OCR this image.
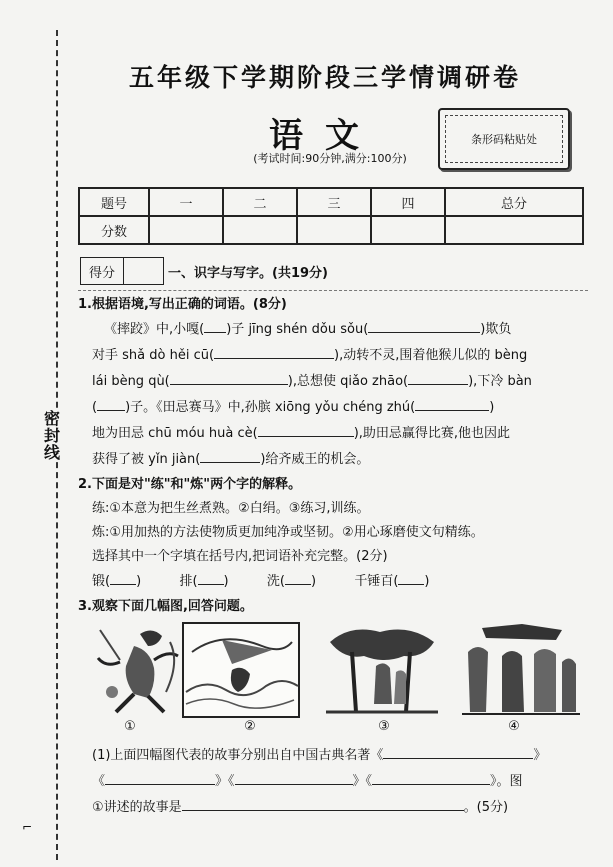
密封线
⌐
五年级下学期阶段三学情调研卷
语文
(考试时间:90分钟,满分:100分)
条形码粘贴处
题号	一	二	三	四	总分
分数					
得分	一、识字与写字。(共19分)
1.根据语境,写出正确的词语。(8分)
《摔跤》中,小嘎( )子 jīng shén dǒu sǒu(	)欺负
对手 shǎ dò hěi cū(	),动转不灵,围着他猴儿似的 bèng
lái bèng qù(	),总想使 qiǎo zhāo(	),下冷 bàn
( )子。《田忌赛马》中,孙膑 xiōng yǒu chéng zhú(	)
地为田忌 chū móu huà cè(	),助田忌赢得比赛,他也因此
获得了被 yǐn jiàn(	)给齐威王的机会。
2.下面是对"练"和"炼"两个字的解释。
练:①本意为把生丝煮熟。②白绢。③练习,训练。
炼:①用加热的方法使物质更加纯净或坚韧。②用心琢磨使文句精练。
选择其中一个字填在括号内,把词语补充完整。(2分)
锻( )	排( )	洗( )	千锤百( )
3.观察下面几幅图,回答问题。
①	②	③	④
(1)上面四幅图代表的故事分别出自中国古典名著《	》
《	》《	》《	》。图
①讲述的故事是	。(5分)
